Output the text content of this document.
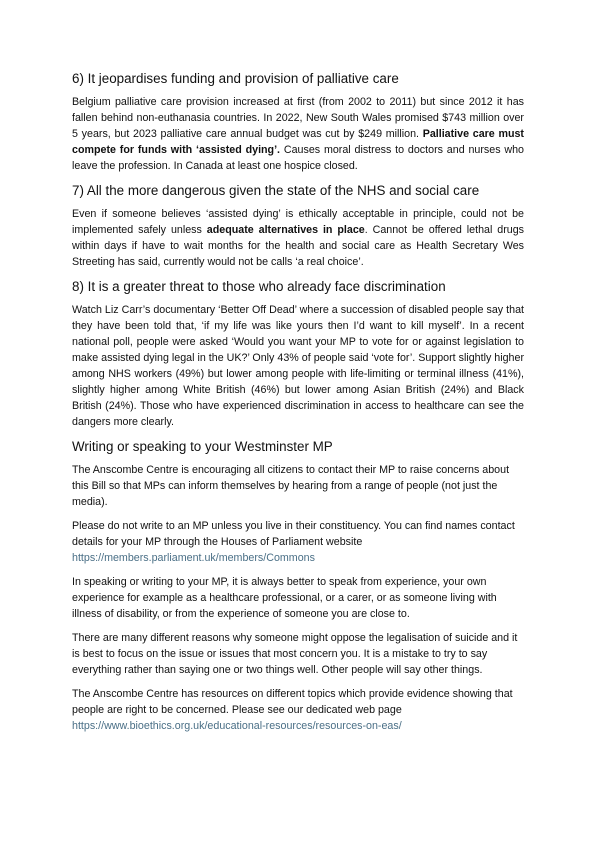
6) It jeopardises funding and provision of palliative care

Belgium palliative care provision increased at first (from 2002 to 2011) but since 2012 it has fallen behind non-euthanasia countries. In 2022, New South Wales promised $743 million over 5 years, but 2023 palliative care annual budget was cut by $249 million. Palliative care must compete for funds with ‘assisted dying’. Causes moral distress to doctors and nurses who leave the profession. In Canada at least one hospice closed.

7) All the more dangerous given the state of the NHS and social care

Even if someone believes ‘assisted dying’ is ethically acceptable in principle, could not be implemented safely unless adequate alternatives in place. Cannot be offered lethal drugs within days if have to wait months for the health and social care as Health Secretary Wes Streeting has said, currently would not be calls ‘a real choice’.

8) It is a greater threat to those who already face discrimination

Watch Liz Carr’s documentary ‘Better Off Dead’ where a succession of disabled people say that they have been told that, ‘if my life was like yours then I’d want to kill myself’. In a recent national poll, people were asked ‘Would you want your MP to vote for or against legislation to make assisted dying legal in the UK?’ Only 43% of people said ‘vote for’. Support slightly higher among NHS workers (49%) but lower among people with life-limiting or terminal illness (41%), slightly higher among White British (46%) but lower among Asian British (24%) and Black British (24%). Those who have experienced discrimination in access to healthcare can see the dangers more clearly.

Writing or speaking to your Westminster MP

The Anscombe Centre is encouraging all citizens to contact their MP to raise concerns about this Bill so that MPs can inform themselves by hearing from a range of people (not just the media).

Please do not write to an MP unless you live in their constituency. You can find names contact details for your MP through the Houses of Parliament website
https://members.parliament.uk/members/Commons

In speaking or writing to your MP, it is always better to speak from experience, your own experience for example as a healthcare professional, or a carer, or as someone living with illness of disability, or from the experience of someone you are close to.

There are many different reasons why someone might oppose the legalisation of suicide and it is best to focus on the issue or issues that most concern you. It is a mistake to try to say everything rather than saying one or two things well. Other people will say other things.

The Anscombe Centre has resources on different topics which provide evidence showing that people are right to be concerned. Please see our dedicated web page
https://www.bioethics.org.uk/educational-resources/resources-on-eas/
